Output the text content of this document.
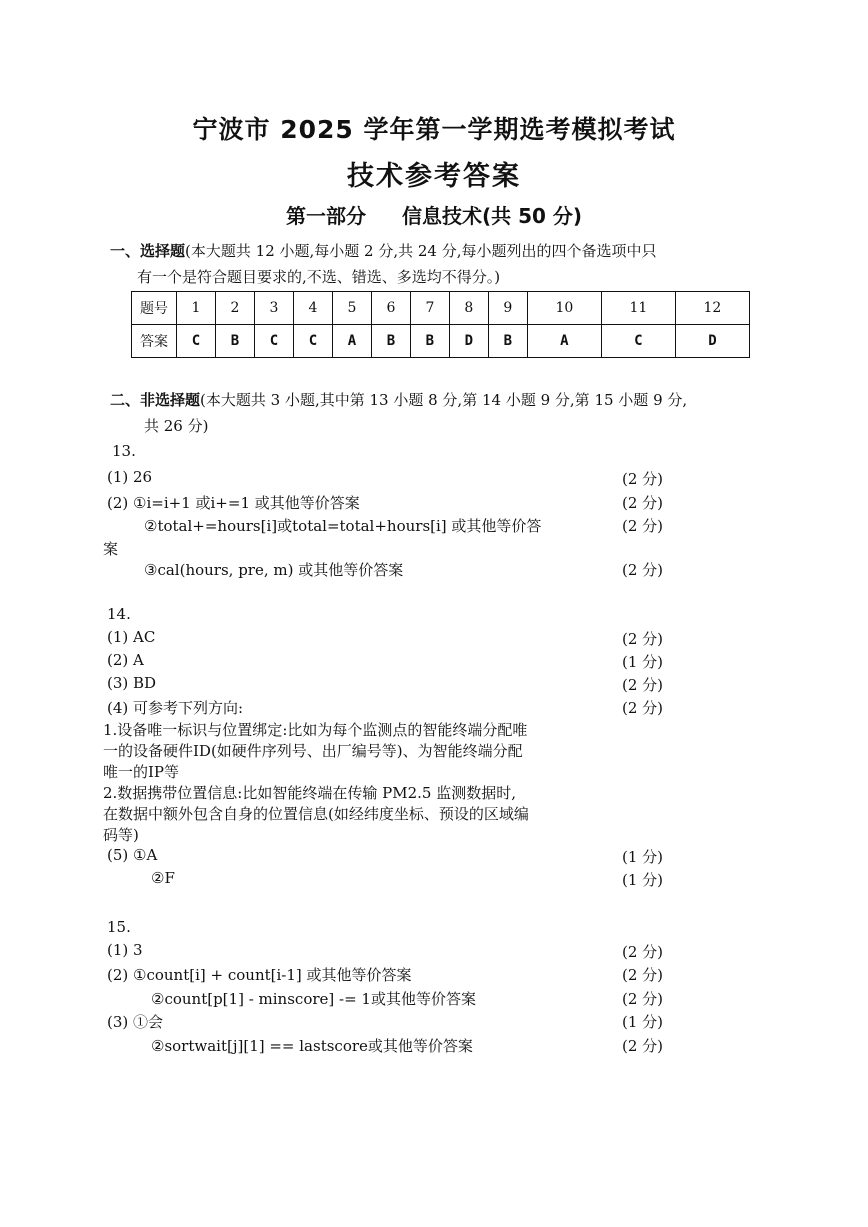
宁波市 2025 学年第一学期选考模拟考试
技术参考答案
第一部分 信息技术(共 50 分)
一、选择题(本大题共 12 小题,每小题 2 分,共 24 分,每小题列出的四个备选项中只
有一个是符合题目要求的,不选、错选、多选均不得分。)
题号	1	2	3	4	5	6	7	8	9	10	11	12
答案	C	B	C	C	A	B	B	D	B	A	C	D
二、非选择题(本大题共 3 小题,其中第 13 小题 8 分,第 14 小题 9 分,第 15 小题 9 分,
共 26 分)
13.
(1) 26	(2 分)
(2) ①i=i+1 或i+=1 或其他等价答案	(2 分)
②total+=hours[i]或total=total+hours[i] 或其他等价答	(2 分)
案
③cal(hours, pre, m) 或其他等价答案	(2 分)
14.
(1) AC	(2 分)
(2) A	(1 分)
(3) BD	(2 分)
(4) 可参考下列方向:	(2 分)
1.设备唯一标识与位置绑定:比如为每个监测点的智能终端分配唯
一的设备硬件ID(如硬件序列号、出厂编号等)、为智能终端分配
唯一的IP等
2.数据携带位置信息:比如智能终端在传输 PM2.5 监测数据时,
在数据中额外包含自身的位置信息(如经纬度坐标、预设的区域编
码等)
(5) ①A	(1 分)
②F	(1 分)
15.
(1) 3	(2 分)
(2) ①count[i] + count[i-1] 或其他等价答案	(2 分)
②count[p[1] - minscore] -= 1或其他等价答案	(2 分)
(3) ①会	(1 分)
②sortwait[j][1] == lastscore或其他等价答案	(2 分)
